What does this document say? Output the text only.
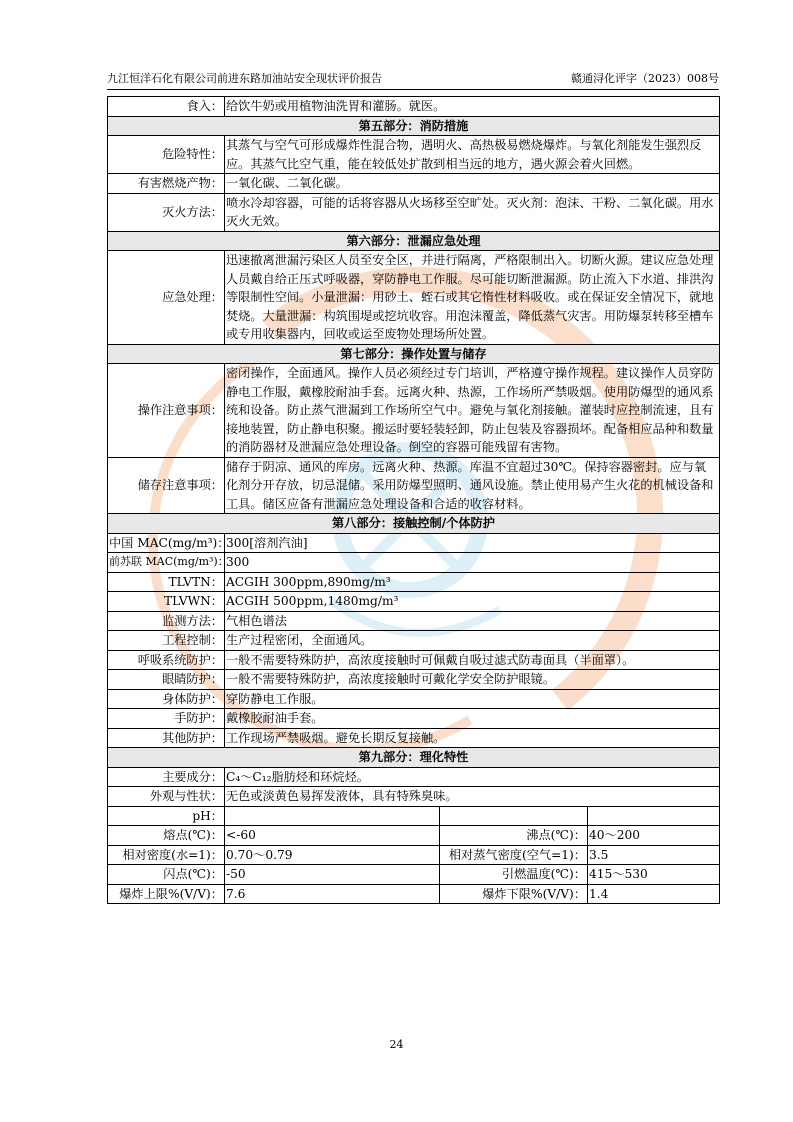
九江恒洋石化有限公司前进东路加油站安全现状评价报告	赣通浔化评字（2023）008号
食入：	给饮牛奶或用植物油洗胃和灌肠。就医。		
第五部分：消防措施			
危险特性：	其蒸气与空气可形成爆炸性混合物，遇明火、高热极易燃烧爆炸。与氧化剂能发生强烈反应。其蒸气比空气重，能在较低处扩散到相当远的地方，遇火源会着火回燃。		
有害燃烧产物：	一氧化碳、二氧化碳。		
灭火方法：	喷水冷却容器，可能的话将容器从火场移至空旷处。灭火剂：泡沫、干粉、二氧化碳。用水灭火无效。		
第六部分：泄漏应急处理			
应急处理：	迅速撤离泄漏污染区人员至安全区，并进行隔离，严格限制出入。切断火源。建议应急处理人员戴自给正压式呼吸器，穿防静电工作服。尽可能切断泄漏源。防止流入下水道、排洪沟等限制性空间。小量泄漏：用砂土、蛭石或其它惰性材料吸收。或在保证安全情况下，就地焚烧。大量泄漏：构筑围堤或挖坑收容。用泡沫覆盖，降低蒸气灾害。用防爆泵转移至槽车或专用收集器内，回收或运至废物处理场所处置。		
第七部分：操作处置与储存			
操作注意事项：	密闭操作，全面通风。操作人员必须经过专门培训，严格遵守操作规程。建议操作人员穿防静电工作服，戴橡胶耐油手套。远离火种、热源，工作场所严禁吸烟。使用防爆型的通风系统和设备。防止蒸气泄漏到工作场所空气中。避免与氧化剂接触。灌装时应控制流速，且有接地装置，防止静电积聚。搬运时要轻装轻卸，防止包装及容器损坏。配备相应品种和数量的消防器材及泄漏应急处理设备。倒空的容器可能残留有害物。		
储存注意事项：	储存于阴凉、通风的库房。远离火种、热源。库温不宜超过30℃。保持容器密封。应与氧化剂分开存放，切忌混储。采用防爆型照明、通风设施。禁止使用易产生火花的机械设备和工具。储区应备有泄漏应急处理设备和合适的收容材料。		
第八部分：接触控制/个体防护			
中国 MAC(mg/m³)：	300[溶剂汽油]		
前苏联 MAC(mg/m³)：	300		
TLVTN：	ACGIH 300ppm,890mg/m³		
TLVWN：	ACGIH 500ppm,1480mg/m³		
监测方法：	气相色谱法		
工程控制：	生产过程密闭，全面通风。		
呼吸系统防护：	一般不需要特殊防护，高浓度接触时可佩戴自吸过滤式防毒面具（半面罩）。		
眼睛防护：	一般不需要特殊防护，高浓度接触时可戴化学安全防护眼镜。		
身体防护：	穿防静电工作服。		
手防护：	戴橡胶耐油手套。		
其他防护：	工作现场严禁吸烟。避免长期反复接触。		
第九部分：理化特性			
主要成分：	C₄～C₁₂脂肪烃和环烷烃。		
外观与性状：	无色或淡黄色易挥发液体，具有特殊臭味。		
pH：			
熔点(℃)：	<-60	沸点(℃)：	40～200
相对密度(水=1)：	0.70～0.79	相对蒸气密度(空气=1)：	3.5
闪点(℃)：	-50	引燃温度(℃)：	415～530
爆炸上限%(V/V)：	7.6	爆炸下限%(V/V)：	1.4
24
